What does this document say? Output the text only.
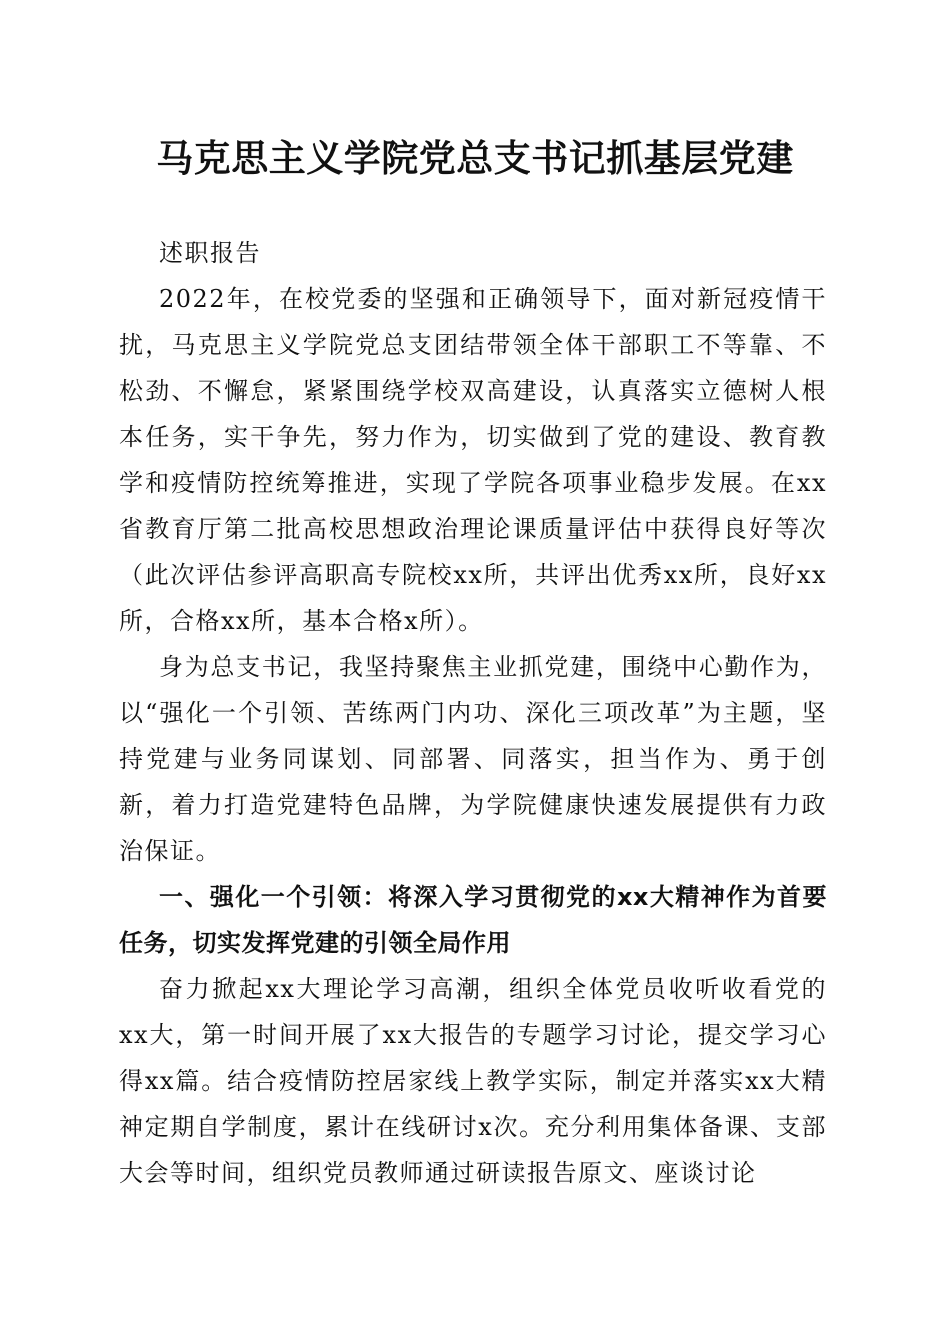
马克思主义学院党总支书记抓基层党建

述职报告

2022年，在校党委的坚强和正确领导下，面对新冠疫情干扰，马克思主义学院党总支团结带领全体干部职工不等靠、不松劲、不懈怠，紧紧围绕学校双高建设，认真落实立德树人根本任务，实干争先，努力作为，切实做到了党的建设、教育教学和疫情防控统筹推进，实现了学院各项事业稳步发展。在xx省教育厅第二批高校思想政治理论课质量评估中获得良好等次（此次评估参评高职高专院校xx所，共评出优秀xx所，良好xx所，合格xx所，基本合格x所）。

身为总支书记，我坚持聚焦主业抓党建，围绕中心勤作为，以“强化一个引领、苦练两门内功、深化三项改革”为主题，坚持党建与业务同谋划、同部署、同落实，担当作为、勇于创新，着力打造党建特色品牌，为学院健康快速发展提供有力政治保证。

一、强化一个引领：将深入学习贯彻党的xx大精神作为首要任务，切实发挥党建的引领全局作用

奋力掀起xx大理论学习高潮，组织全体党员收听收看党的xx大，第一时间开展了xx大报告的专题学习讨论，提交学习心得xx篇。结合疫情防控居家线上教学实际，制定并落实xx大精神定期自学制度，累计在线研讨x次。充分利用集体备课、支部大会等时间，组织党员教师通过研读报告原文、座谈讨论
